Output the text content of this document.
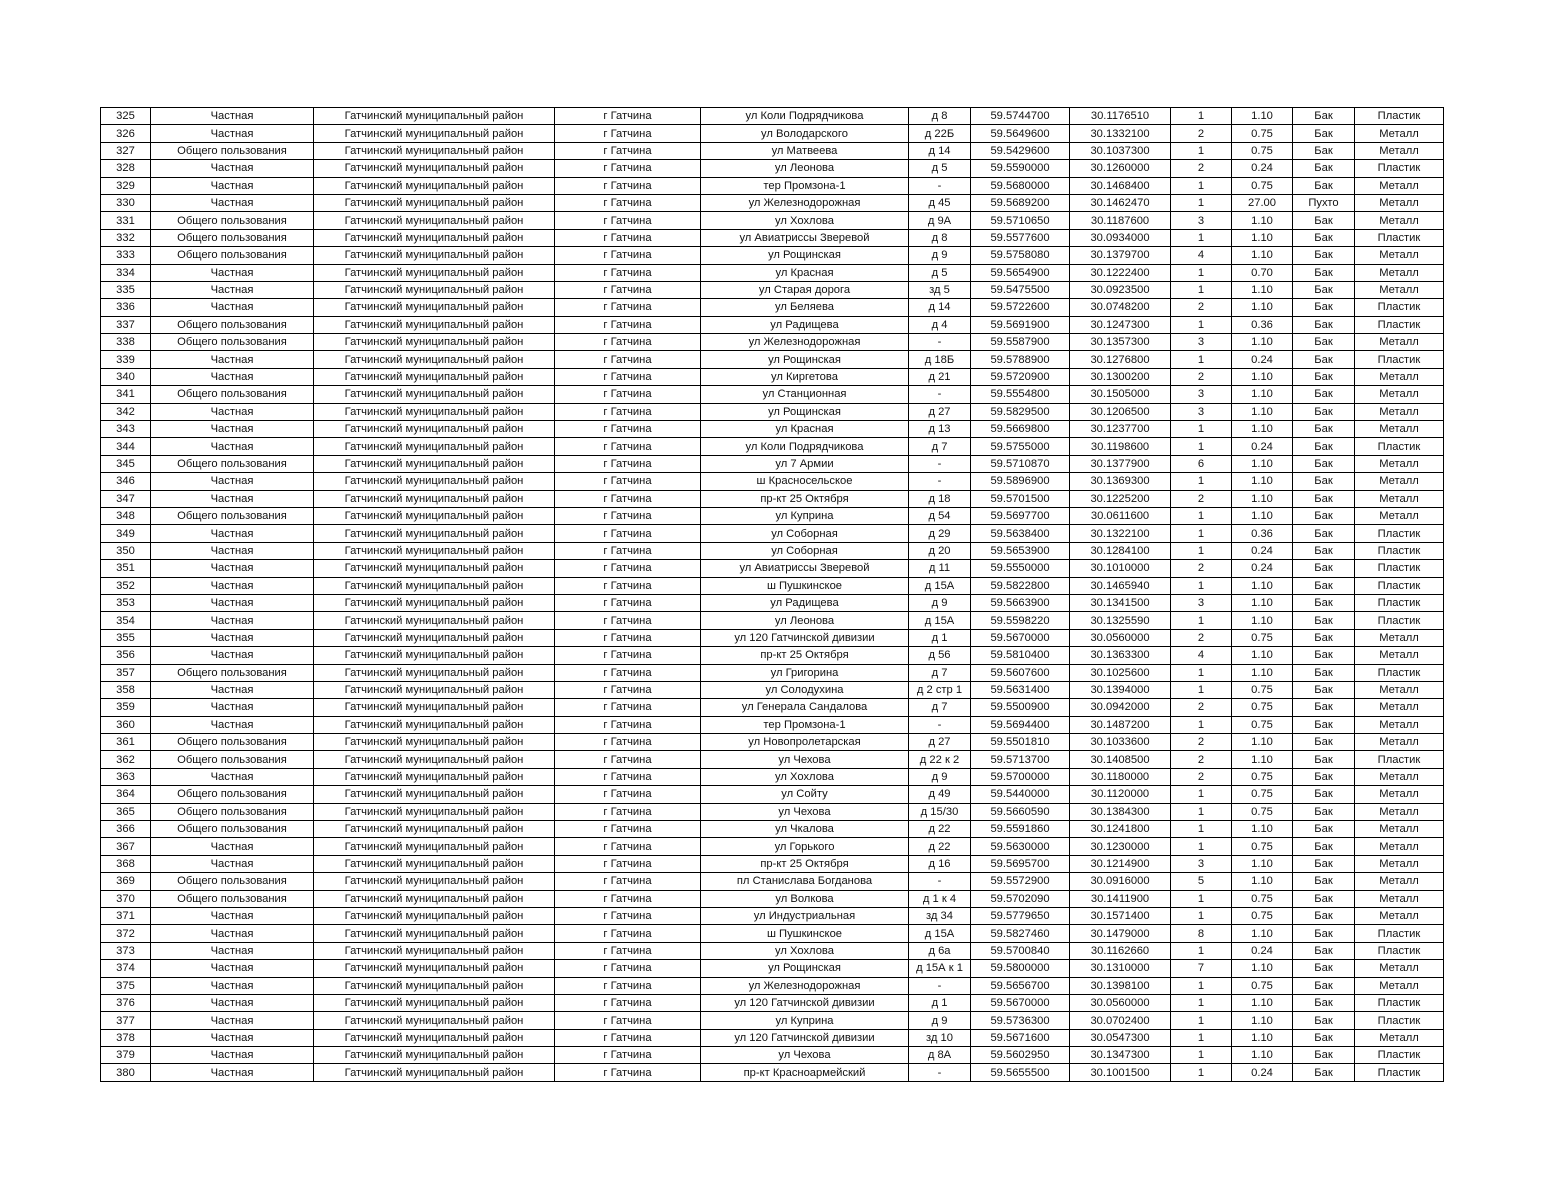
325	Частная	Гатчинский муниципальный район	г Гатчина	ул Коли Подрядчикова	д 8	59.5744700	30.1176510	1	1.10	Бак	Пластик
326	Частная	Гатчинский муниципальный район	г Гатчина	ул Володарского	д 22Б	59.5649600	30.1332100	2	0.75	Бак	Металл
327	Общего пользования	Гатчинский муниципальный район	г Гатчина	ул Матвеева	д 14	59.5429600	30.1037300	1	0.75	Бак	Металл
328	Частная	Гатчинский муниципальный район	г Гатчина	ул Леонова	д 5	59.5590000	30.1260000	2	0.24	Бак	Пластик
329	Частная	Гатчинский муниципальный район	г Гатчина	тер Промзона-1	-	59.5680000	30.1468400	1	0.75	Бак	Металл
330	Частная	Гатчинский муниципальный район	г Гатчина	ул Железнодорожная	д 45	59.5689200	30.1462470	1	27.00	Пухто	Металл
331	Общего пользования	Гатчинский муниципальный район	г Гатчина	ул Хохлова	д 9А	59.5710650	30.1187600	3	1.10	Бак	Металл
332	Общего пользования	Гатчинский муниципальный район	г Гатчина	ул Авиатриссы Зверевой	д 8	59.5577600	30.0934000	1	1.10	Бак	Пластик
333	Общего пользования	Гатчинский муниципальный район	г Гатчина	ул Рощинская	д 9	59.5758080	30.1379700	4	1.10	Бак	Металл
334	Частная	Гатчинский муниципальный район	г Гатчина	ул Красная	д 5	59.5654900	30.1222400	1	0.70	Бак	Металл
335	Частная	Гатчинский муниципальный район	г Гатчина	ул Старая дорога	зд 5	59.5475500	30.0923500	1	1.10	Бак	Металл
336	Частная	Гатчинский муниципальный район	г Гатчина	ул Беляева	д 14	59.5722600	30.0748200	2	1.10	Бак	Пластик
337	Общего пользования	Гатчинский муниципальный район	г Гатчина	ул Радищева	д 4	59.5691900	30.1247300	1	0.36	Бак	Пластик
338	Общего пользования	Гатчинский муниципальный район	г Гатчина	ул Железнодорожная	-	59.5587900	30.1357300	3	1.10	Бак	Металл
339	Частная	Гатчинский муниципальный район	г Гатчина	ул Рощинская	д 18Б	59.5788900	30.1276800	1	0.24	Бак	Пластик
340	Частная	Гатчинский муниципальный район	г Гатчина	ул Киргетова	д 21	59.5720900	30.1300200	2	1.10	Бак	Металл
341	Общего пользования	Гатчинский муниципальный район	г Гатчина	ул Станционная	-	59.5554800	30.1505000	3	1.10	Бак	Металл
342	Частная	Гатчинский муниципальный район	г Гатчина	ул Рощинская	д 27	59.5829500	30.1206500	3	1.10	Бак	Металл
343	Частная	Гатчинский муниципальный район	г Гатчина	ул Красная	д 13	59.5669800	30.1237700	1	1.10	Бак	Металл
344	Частная	Гатчинский муниципальный район	г Гатчина	ул Коли Подрядчикова	д 7	59.5755000	30.1198600	1	0.24	Бак	Пластик
345	Общего пользования	Гатчинский муниципальный район	г Гатчина	ул 7 Армии	-	59.5710870	30.1377900	6	1.10	Бак	Металл
346	Частная	Гатчинский муниципальный район	г Гатчина	ш Красносельское	-	59.5896900	30.1369300	1	1.10	Бак	Металл
347	Частная	Гатчинский муниципальный район	г Гатчина	пр-кт 25 Октября	д 18	59.5701500	30.1225200	2	1.10	Бак	Металл
348	Общего пользования	Гатчинский муниципальный район	г Гатчина	ул Куприна	д 54	59.5697700	30.0611600	1	1.10	Бак	Металл
349	Частная	Гатчинский муниципальный район	г Гатчина	ул Соборная	д 29	59.5638400	30.1322100	1	0.36	Бак	Пластик
350	Частная	Гатчинский муниципальный район	г Гатчина	ул Соборная	д 20	59.5653900	30.1284100	1	0.24	Бак	Пластик
351	Частная	Гатчинский муниципальный район	г Гатчина	ул Авиатриссы Зверевой	д 11	59.5550000	30.1010000	2	0.24	Бак	Пластик
352	Частная	Гатчинский муниципальный район	г Гатчина	ш Пушкинское	д 15А	59.5822800	30.1465940	1	1.10	Бак	Пластик
353	Частная	Гатчинский муниципальный район	г Гатчина	ул Радищева	д 9	59.5663900	30.1341500	3	1.10	Бак	Пластик
354	Частная	Гатчинский муниципальный район	г Гатчина	ул Леонова	д 15А	59.5598220	30.1325590	1	1.10	Бак	Пластик
355	Частная	Гатчинский муниципальный район	г Гатчина	ул 120 Гатчинской дивизии	д 1	59.5670000	30.0560000	2	0.75	Бак	Металл
356	Частная	Гатчинский муниципальный район	г Гатчина	пр-кт 25 Октября	д 56	59.5810400	30.1363300	4	1.10	Бак	Металл
357	Общего пользования	Гатчинский муниципальный район	г Гатчина	ул Григорина	д 7	59.5607600	30.1025600	1	1.10	Бак	Пластик
358	Частная	Гатчинский муниципальный район	г Гатчина	ул Солодухина	д 2 стр 1	59.5631400	30.1394000	1	0.75	Бак	Металл
359	Частная	Гатчинский муниципальный район	г Гатчина	ул Генерала Сандалова	д 7	59.5500900	30.0942000	2	0.75	Бак	Металл
360	Частная	Гатчинский муниципальный район	г Гатчина	тер Промзона-1	-	59.5694400	30.1487200	1	0.75	Бак	Металл
361	Общего пользования	Гатчинский муниципальный район	г Гатчина	ул Новопролетарская	д 27	59.5501810	30.1033600	2	1.10	Бак	Металл
362	Общего пользования	Гатчинский муниципальный район	г Гатчина	ул Чехова	д 22 к 2	59.5713700	30.1408500	2	1.10	Бак	Пластик
363	Частная	Гатчинский муниципальный район	г Гатчина	ул Хохлова	д 9	59.5700000	30.1180000	2	0.75	Бак	Металл
364	Общего пользования	Гатчинский муниципальный район	г Гатчина	ул Сойту	д 49	59.5440000	30.1120000	1	0.75	Бак	Металл
365	Общего пользования	Гатчинский муниципальный район	г Гатчина	ул Чехова	д 15/30	59.5660590	30.1384300	1	0.75	Бак	Металл
366	Общего пользования	Гатчинский муниципальный район	г Гатчина	ул Чкалова	д 22	59.5591860	30.1241800	1	1.10	Бак	Металл
367	Частная	Гатчинский муниципальный район	г Гатчина	ул Горького	д 22	59.5630000	30.1230000	1	0.75	Бак	Металл
368	Частная	Гатчинский муниципальный район	г Гатчина	пр-кт 25 Октября	д 16	59.5695700	30.1214900	3	1.10	Бак	Металл
369	Общего пользования	Гатчинский муниципальный район	г Гатчина	пл Станислава Богданова	-	59.5572900	30.0916000	5	1.10	Бак	Металл
370	Общего пользования	Гатчинский муниципальный район	г Гатчина	ул Волкова	д 1 к 4	59.5702090	30.1411900	1	0.75	Бак	Металл
371	Частная	Гатчинский муниципальный район	г Гатчина	ул Индустриальная	зд 34	59.5779650	30.1571400	1	0.75	Бак	Металл
372	Частная	Гатчинский муниципальный район	г Гатчина	ш Пушкинское	д 15А	59.5827460	30.1479000	8	1.10	Бак	Пластик
373	Частная	Гатчинский муниципальный район	г Гатчина	ул Хохлова	д 6а	59.5700840	30.1162660	1	0.24	Бак	Пластик
374	Частная	Гатчинский муниципальный район	г Гатчина	ул Рощинская	д 15А к 1	59.5800000	30.1310000	7	1.10	Бак	Металл
375	Частная	Гатчинский муниципальный район	г Гатчина	ул Железнодорожная	-	59.5656700	30.1398100	1	0.75	Бак	Металл
376	Частная	Гатчинский муниципальный район	г Гатчина	ул 120 Гатчинской дивизии	д 1	59.5670000	30.0560000	1	1.10	Бак	Пластик
377	Частная	Гатчинский муниципальный район	г Гатчина	ул Куприна	д 9	59.5736300	30.0702400	1	1.10	Бак	Пластик
378	Частная	Гатчинский муниципальный район	г Гатчина	ул 120 Гатчинской дивизии	зд 10	59.5671600	30.0547300	1	1.10	Бак	Металл
379	Частная	Гатчинский муниципальный район	г Гатчина	ул Чехова	д 8А	59.5602950	30.1347300	1	1.10	Бак	Пластик
380	Частная	Гатчинский муниципальный район	г Гатчина	пр-кт Красноармейский	-	59.5655500	30.1001500	1	0.24	Бак	Пластик
